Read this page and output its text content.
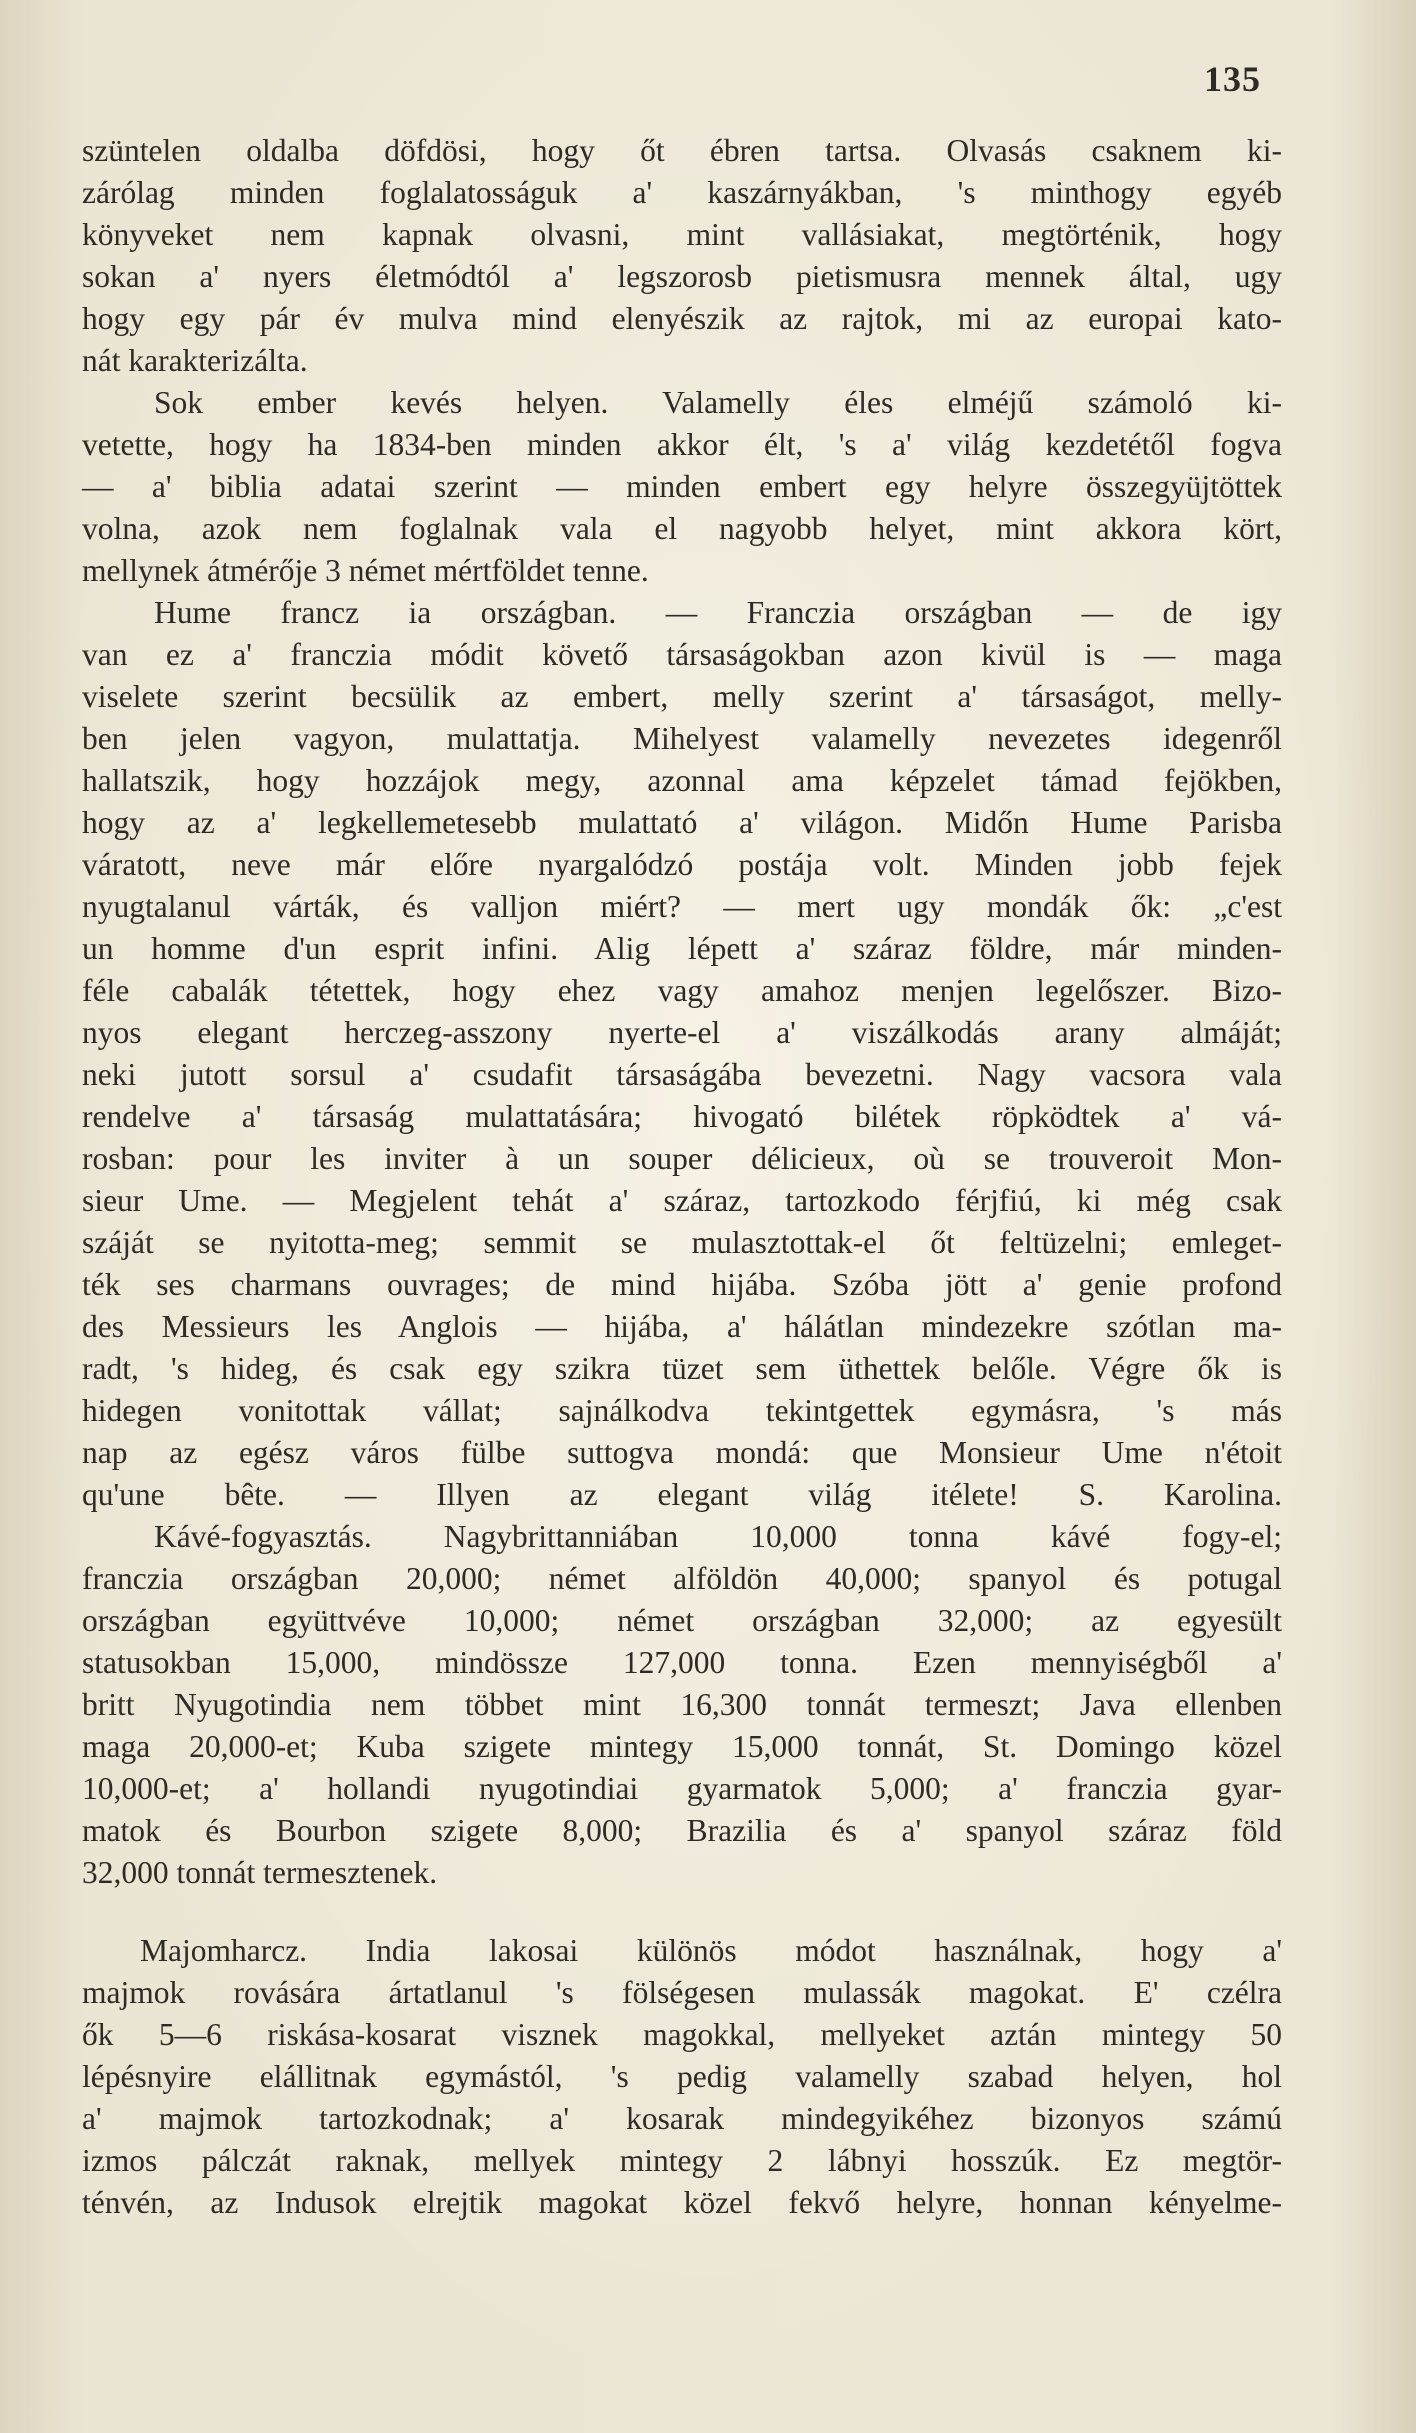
135

szüntelen oldalba döfdösi, hogy őt ébren tartsa. Olvasás csaknem ki-

zárólag minden foglalatosságuk a' kaszárnyákban, 's minthogy egyéb

könyveket nem kapnak olvasni, mint vallásiakat, megtörténik, hogy

sokan a' nyers életmódtól a' legszorosb pietismusra mennek által, ugy

hogy egy pár év mulva mind elenyészik az rajtok, mi az europai kato-

nát karakterizálta.

Sok ember kevés helyen. Valamelly éles elméjű számoló ki-

vetette, hogy ha 1834-ben minden akkor élt, 's a' világ kezdetétől fogva

— a' biblia adatai szerint — minden embert egy helyre összegyüjtöttek

volna, azok nem foglalnak vala el nagyobb helyet, mint akkora kört,

mellynek átmérője 3 német mértföldet tenne.

Hume francz ia országban. — Franczia országban — de igy

van ez a' franczia módit követő társaságokban azon kivül is — maga

viselete szerint becsülik az embert, melly szerint a' társaságot, melly-

ben jelen vagyon, mulattatja. Mihelyest valamelly nevezetes idegenről

hallatszik, hogy hozzájok megy, azonnal ama képzelet támad fejökben,

hogy az a' legkellemetesebb mulattató a' világon. Midőn Hume Parisba

váratott, neve már előre nyargalódzó postája volt. Minden jobb fejek

nyugtalanul várták, és valljon miért? — mert ugy mondák ők: „c'est

un homme d'un esprit infini. Alig lépett a' száraz földre, már minden-

féle cabalák tétettek, hogy ehez vagy amahoz menjen legelőszer. Bizo-

nyos elegant herczeg-asszony nyerte-el a' viszálkodás arany almáját;

neki jutott sorsul a' csudafit társaságába bevezetni. Nagy vacsora vala

rendelve a' társaság mulattatására; hivogató bilétek röpködtek a' vá-

rosban: pour les inviter à un souper délicieux, où se trouveroit Mon-

sieur Ume. — Megjelent tehát a' száraz, tartozkodo férjfiú, ki még csak

száját se nyitotta-meg; semmit se mulasztottak-el őt feltüzelni; emleget-

ték ses charmans ouvrages; de mind hijába. Szóba jött a' genie profond

des Messieurs les Anglois — hijába, a' hálátlan mindezekre szótlan ma-

radt, 's hideg, és csak egy szikra tüzet sem üthettek belőle. Végre ők is

hidegen vonitottak vállat; sajnálkodva tekintgettek egymásra, 's más

nap az egész város fülbe suttogva mondá: que Monsieur Ume n'étoit

qu'une bête. — Illyen az elegant világ itélete! S. Karolina.

Kávé-fogyasztás. Nagybrittanniában 10,000 tonna kávé fogy-el;

franczia országban 20,000; német alföldön 40,000; spanyol és potugal

országban együttvéve 10,000; német országban 32,000; az egyesült

statusokban 15,000, mindössze 127,000 tonna. Ezen mennyiségből a'

britt Nyugotindia nem többet mint 16,300 tonnát termeszt; Java ellenben

maga 20,000-et; Kuba szigete mintegy 15,000 tonnát, St. Domingo közel

10,000-et; a' hollandi nyugotindiai gyarmatok 5,000; a' franczia gyar-

matok és Bourbon szigete 8,000; Brazilia és a' spanyol száraz föld

32,000 tonnát termesztenek.

Majomharcz. India lakosai különös módot használnak, hogy a'

majmok rovására ártatlanul 's fölségesen mulassák magokat. E' czélra

ők 5—6 riskása-kosarat visznek magokkal, mellyeket aztán mintegy 50

lépésnyire elállitnak egymástól, 's pedig valamelly szabad helyen, hol

a' majmok tartozkodnak; a' kosarak mindegyikéhez bizonyos számú

izmos pálczát raknak, mellyek mintegy 2 lábnyi hosszúk. Ez megtör-

ténvén, az Indusok elrejtik magokat közel fekvő helyre, honnan kényelme-
